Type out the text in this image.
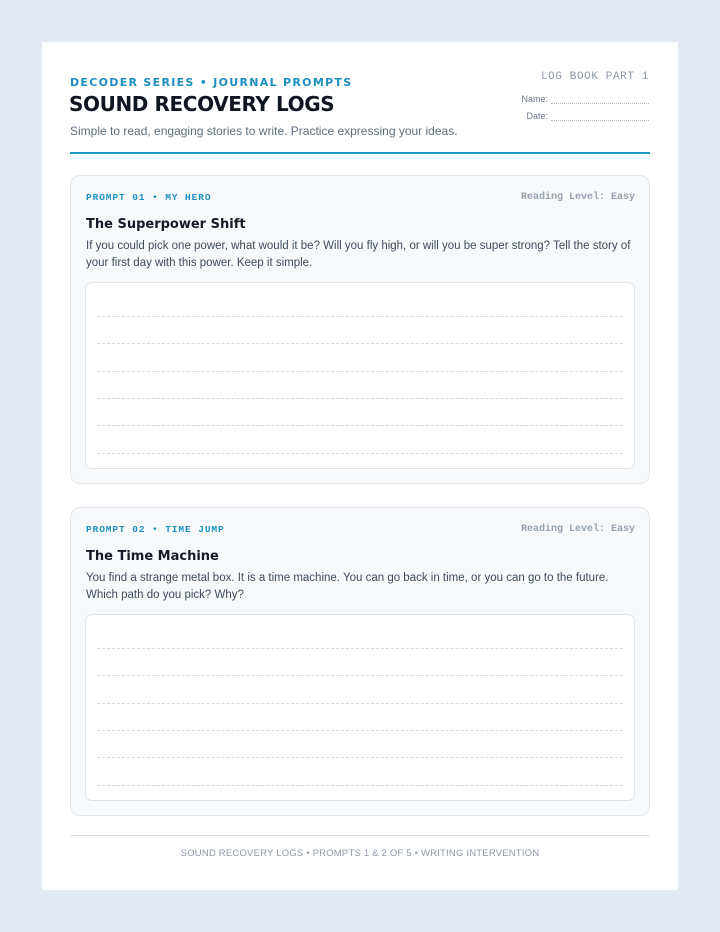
DECODER SERIES • JOURNAL PROMPTS
SOUND RECOVERY LOGS
Simple to read, engaging stories to write. Practice expressing your ideas.
LOG BOOK PART 1
Name:
Date:
PROMPT 01 • MY HERO	Reading Level: Easy
The Superpower Shift
If you could pick one power, what would it be? Will you fly high, or will you be super strong? Tell the story of your first day with this power. Keep it simple.
PROMPT 02 • TIME JUMP	Reading Level: Easy
The Time Machine
You find a strange metal box. It is a time machine. You can go back in time, or you can go to the future. Which path do you pick? Why?
SOUND RECOVERY LOGS • PROMPTS 1 & 2 OF 5 • WRITING INTERVENTION
